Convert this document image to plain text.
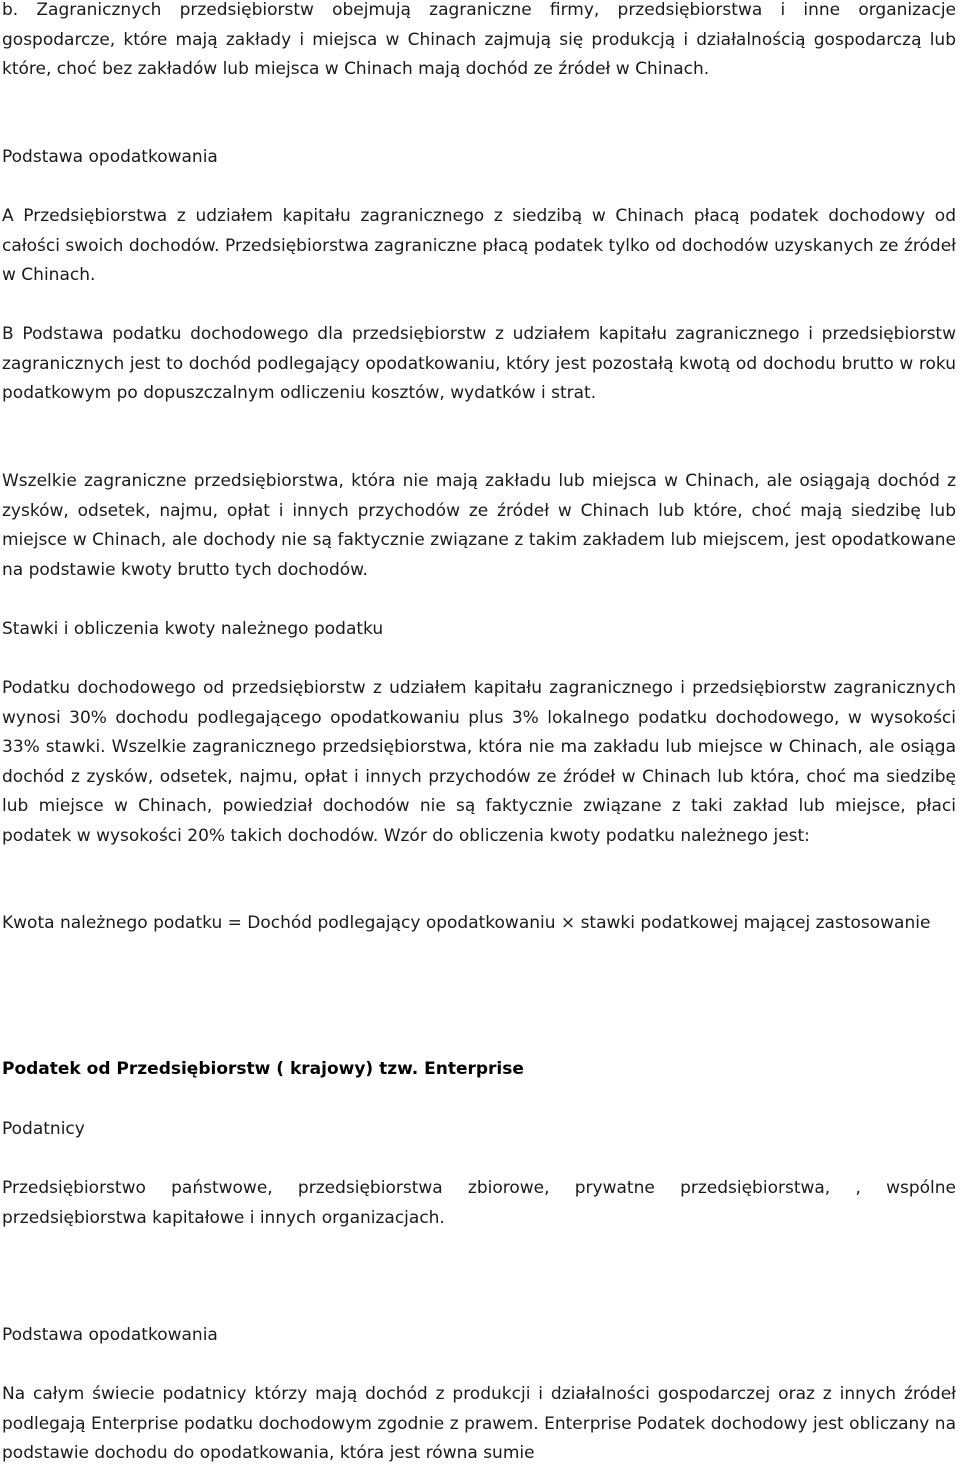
b. Zagranicznych przedsiębiorstw obejmują zagraniczne firmy, przedsiębiorstwa i inne organizacje gospodarcze, które mają zakłady i miejsca w Chinach zajmują się produkcją i działalnością gospodarczą lub które, choć bez zakładów lub miejsca w Chinach mają dochód ze źródeł w Chinach.

Podstawa opodatkowania

A Przedsiębiorstwa z udziałem kapitału zagranicznego z siedzibą w Chinach płacą podatek dochodowy od całości swoich dochodów. Przedsiębiorstwa zagraniczne płacą podatek tylko od dochodów uzyskanych ze źródeł w Chinach.

B Podstawa podatku dochodowego dla przedsiębiorstw z udziałem kapitału zagranicznego i przedsiębiorstw zagranicznych jest to dochód podlegający opodatkowaniu, który jest pozostałą kwotą od dochodu brutto w roku podatkowym po dopuszczalnym odliczeniu kosztów, wydatków i strat.

Wszelkie zagraniczne przedsiębiorstwa, która nie mają zakładu lub miejsca w Chinach, ale osiągają dochód z zysków, odsetek, najmu, opłat i innych przychodów ze źródeł w Chinach lub które, choć mają siedzibę lub miejsce w Chinach, ale dochody nie są faktycznie związane z takim zakładem lub miejscem, jest opodatkowane na podstawie kwoty brutto tych dochodów.

Stawki i obliczenia kwoty należnego podatku

Podatku dochodowego od przedsiębiorstw z udziałem kapitału zagranicznego i przedsiębiorstw zagranicznych wynosi 30% dochodu podlegającego opodatkowaniu plus 3% lokalnego podatku dochodowego, w wysokości 33% stawki. Wszelkie zagranicznego przedsiębiorstwa, która nie ma zakładu lub miejsce w Chinach, ale osiąga dochód z zysków, odsetek, najmu, opłat i innych przychodów ze źródeł w Chinach lub która, choć ma siedzibę lub miejsce w Chinach, powiedział dochodów nie są faktycznie związane z taki zakład lub miejsce, płaci podatek w wysokości 20% takich dochodów. Wzór do obliczenia kwoty podatku należnego jest:

Kwota należnego podatku = Dochód podlegający opodatkowaniu × stawki podatkowej mającej zastosowanie

Podatek od Przedsiębiorstw ( krajowy) tzw. Enterprise

Podatnicy

Przedsiębiorstwo państwowe, przedsiębiorstwa zbiorowe, prywatne przedsiębiorstwa, , wspólne przedsiębiorstwa kapitałowe i innych organizacjach.

Podstawa opodatkowania

Na całym świecie podatnicy którzy mają dochód z produkcji i działalności gospodarczej oraz z innych źródeł podlegają Enterprise podatku dochodowym zgodnie z prawem. Enterprise Podatek dochodowy jest obliczany na podstawie dochodu do opodatkowania, która jest równa sumie
